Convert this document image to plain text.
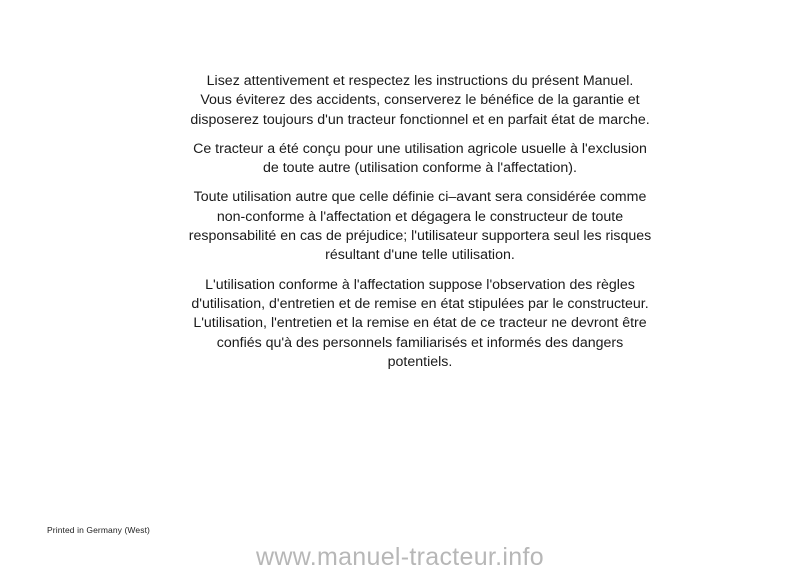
Lisez attentivement et respectez les instructions du présent Manuel.
Vous éviterez des accidents, conserverez le bénéfice de la garantie et
disposerez toujours d'un tracteur fonctionnel et en parfait état de marche.

Ce tracteur a été conçu pour une utilisation agricole usuelle à l'exclusion
de toute autre (utilisation conforme à l'affectation).

Toute utilisation autre que celle définie ci–avant sera considérée comme
non-conforme à l'affectation et dégagera le constructeur de toute
responsabilité en cas de préjudice; l'utilisateur supportera seul les risques
résultant d'une telle utilisation.

L'utilisation conforme à l'affectation suppose l'observation des règles
d'utilisation, d'entretien et de remise en état stipulées par le constructeur.
L'utilisation, l'entretien et la remise en état de ce tracteur ne devront être
confiés qu'à des personnels familiarisés et informés des dangers
potentiels.

Printed in Germany (West)
www.manuel-tracteur.info
